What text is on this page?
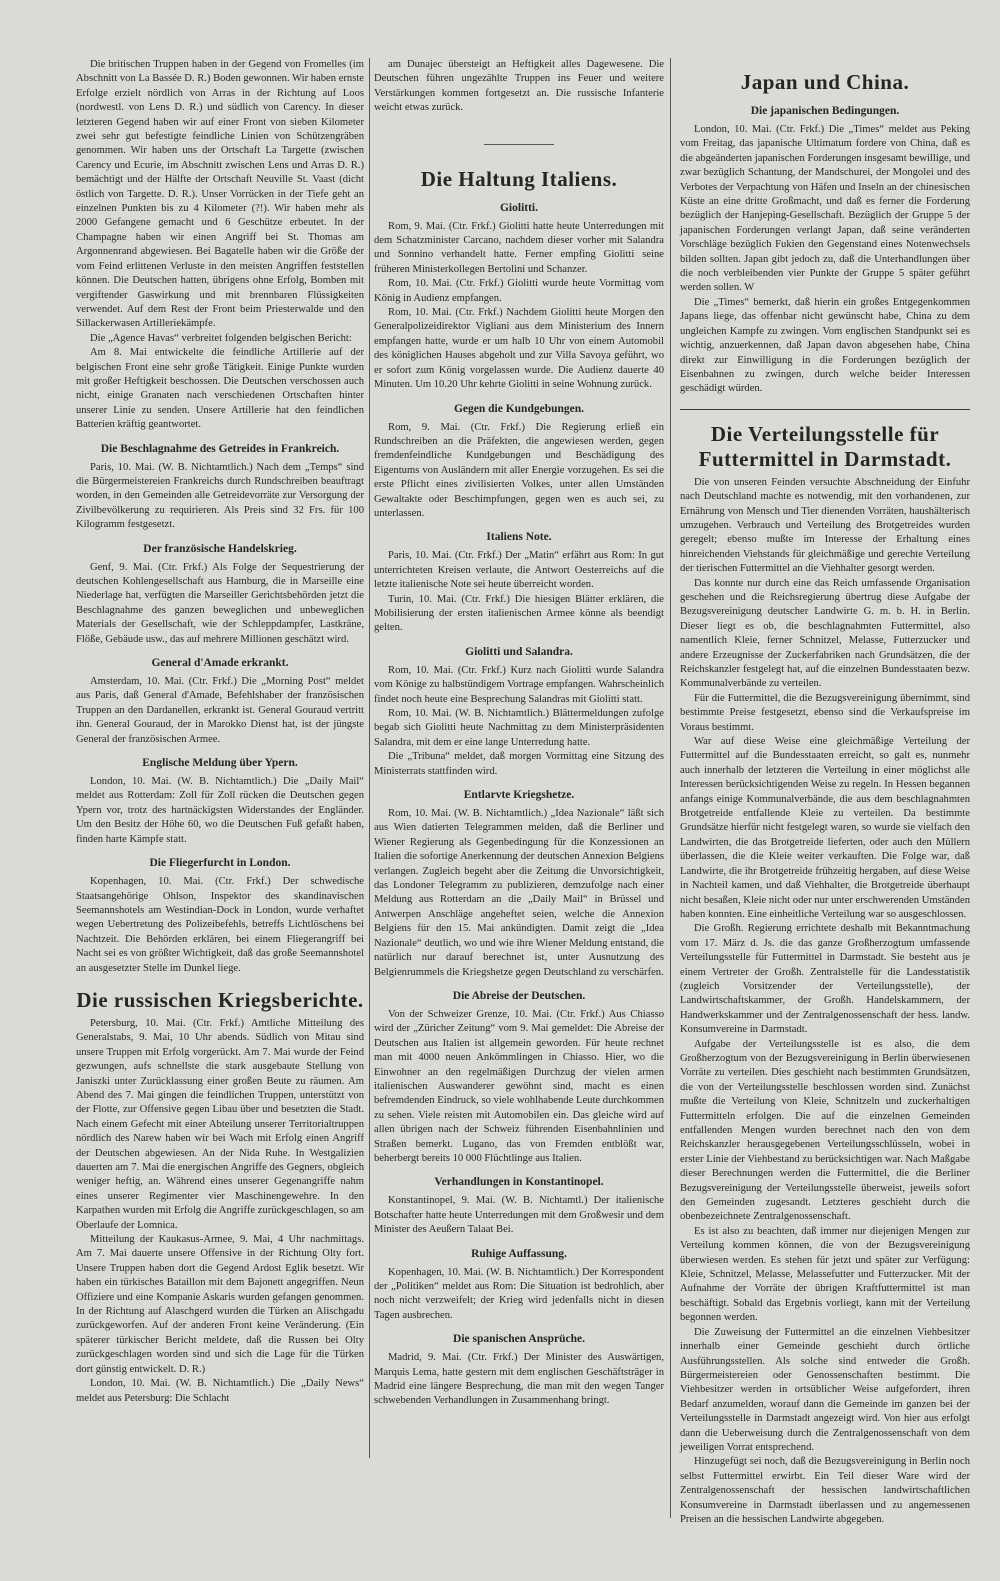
Die britischen Truppen haben in der Gegend von Fromelles (im Abschnitt von La Bassée D. R.) Boden gewonnen. Wir haben ernste Erfolge erzielt nördlich von Arras in der Richtung auf Loos (nordwestl. von Lens D. R.) und südlich von Carency. In dieser letzteren Gegend haben wir auf einer Front von sieben Kilometer zwei sehr gut befestigte feindliche Linien von Schützengräben genommen. Wir haben uns der Ortschaft La Targette (zwischen Carency und Ecurie, im Abschnitt zwischen Lens und Arras D. R.) bemächtigt und der Hälfte der Ortschaft Neuville St. Vaast (dicht östlich von Targette. D. R.). Unser Vorrücken in der Tiefe geht an einzelnen Punkten bis zu 4 Kilometer (?!). Wir haben mehr als 2000 Gefangene gemacht und 6 Geschütze erbeutet. In der Champagne haben wir einen Angriff bei St. Thomas am Argonnenrand abgewiesen. Bei Bagatelle haben wir die Größe der vom Feind erlittenen Verluste in den meisten Angriffen feststellen können. Die Deutschen hatten, übrigens ohne Erfolg, Bomben mit vergiftender Gaswirkung und mit brennbaren Flüssigkeiten verwendet. Auf dem Rest der Front beim Priesterwalde und den Sillackerwasen Artilleriekämpfe.

Die „Agence Havas“ verbreitet folgenden belgischen Bericht:

Am 8. Mai entwickelte die feindliche Artillerie auf der belgischen Front eine sehr große Tätigkeit. Einige Punkte wurden mit großer Heftigkeit beschossen. Die Deutschen verschossen auch nicht, einige Granaten nach verschiedenen Ortschaften hinter unserer Linie zu senden. Unsere Artillerie hat den feindlichen Batterien kräftig geantwortet.

Die Beschlagnahme des Getreides in Frankreich.

Paris, 10. Mai. (W. B. Nichtamtlich.) Nach dem „Temps“ sind die Bürgermeistereien Frankreichs durch Rundschreiben beauftragt worden, in den Gemeinden alle Getreidevorräte zur Versorgung der Zivilbevölkerung zu requirieren. Als Preis sind 32 Frs. für 100 Kilogramm festgesetzt.

Der französische Handelskrieg.

Genf, 9. Mai. (Ctr. Frkf.) Als Folge der Sequestrierung der deutschen Kohlengesellschaft aus Hamburg, die in Marseille eine Niederlage hat, verfügten die Marseiller Gerichtsbehörden jetzt die Beschlagnahme des ganzen beweglichen und unbeweglichen Materials der Gesellschaft, wie der Schleppdampfer, Lastkräne, Flöße, Gebäude usw., das auf mehrere Millionen geschätzt wird.

General d'Amade erkrankt.

Amsterdam, 10. Mai. (Ctr. Frkf.) Die „Morning Post“ meldet aus Paris, daß General d'Amade, Befehlshaber der französischen Truppen an den Dardanellen, erkrankt ist. General Gouraud vertritt ihn. General Gouraud, der in Marokko Dienst hat, ist der jüngste General der französischen Armee.

Englische Meldung über Ypern.

London, 10. Mai. (W. B. Nichtamtlich.) Die „Daily Mail“ meldet aus Rotterdam: Zoll für Zoll rücken die Deutschen gegen Ypern vor, trotz des hartnäckigsten Widerstandes der Engländer. Um den Besitz der Höhe 60, wo die Deutschen Fuß gefaßt haben, finden harte Kämpfe statt.

Die Fliegerfurcht in London.

Kopenhagen, 10. Mai. (Ctr. Frkf.) Der schwedische Staatsangehörige Ohlson, Inspektor des skandinavischen Seemannshotels am Westindian-Dock in London, wurde verhaftet wegen Uebertretung des Polizeibefehls, betreffs Lichtlöschens bei Nachtzeit. Die Behörden erklären, bei einem Fliegerangriff bei Nacht sei es von größter Wichtigkeit, daß das große Seemannshotel an ausgesetzter Stelle im Dunkel liege.

Die russischen Kriegsberichte.

Petersburg, 10. Mai. (Ctr. Frkf.) Amtliche Mitteilung des Generalstabs, 9. Mai, 10 Uhr abends. Südlich von Mitau sind unsere Truppen mit Erfolg vorgerückt. Am 7. Mai wurde der Feind gezwungen, aufs schnellste die stark ausgebaute Stellung von Janiszki unter Zurücklassung einer großen Beute zu räumen. Am Abend des 7. Mai gingen die feindlichen Truppen, unterstützt von der Flotte, zur Offensive gegen Libau über und besetzten die Stadt. Nach einem Gefecht mit einer Abteilung unserer Territorialtruppen nördlich des Narew haben wir bei Wach mit Erfolg einen Angriff der Deutschen abgewiesen. An der Nida Ruhe. In Westgalizien dauerten am 7. Mai die energischen Angriffe des Gegners, obgleich weniger heftig, an. Während eines unserer Gegenangriffe nahm eines unserer Regimenter vier Maschinengewehre. In den Karpathen wurden mit Erfolg die Angriffe zurückgeschlagen, so am Oberlaufe der Lomnica.

Mitteilung der Kaukasus-Armee, 9. Mai, 4 Uhr nachmittags. Am 7. Mai dauerte unsere Offensive in der Richtung Olty fort. Unsere Truppen haben dort die Gegend Ardost Eglik besetzt. Wir haben ein türkisches Bataillon mit dem Bajonett angegriffen. Neun Offiziere und eine Kompanie Askaris wurden gefangen genommen. In der Richtung auf Alaschgerd wurden die Türken an Alischgadu zurückgeworfen. Auf der anderen Front keine Veränderung. (Ein späterer türkischer Bericht meldete, daß die Russen bei Olty zurückgeschlagen worden sind und sich die Lage für die Türken dort günstig entwickelt. D. R.)

London, 10. Mai. (W. B. Nichtamtlich.) Die „Daily News“ meldet aus Petersburg: Die Schlacht

am Dunajec übersteigt an Heftigkeit alles Dagewesene. Die Deutschen führen ungezählte Truppen ins Feuer und weitere Verstärkungen kommen fortgesetzt an. Die russische Infanterie weicht etwas zurück.

Die Haltung Italiens.
Giolitti.

Rom, 9. Mai. (Ctr. Frkf.) Giolitti hatte heute Unterredungen mit dem Schatzminister Carcano, nachdem dieser vorher mit Salandra und Sonnino verhandelt hatte. Ferner empfing Giolitti seine früheren Ministerkollegen Bertolini und Schanzer.

Rom, 10. Mai. (Ctr. Frkf.) Giolitti wurde heute Vormittag vom König in Audienz empfangen.

Rom, 10. Mai. (Ctr. Frkf.) Nachdem Giolitti heute Morgen den Generalpolizeidirektor Vigliani aus dem Ministerium des Innern empfangen hatte, wurde er um halb 10 Uhr von einem Automobil des königlichen Hauses abgeholt und zur Villa Savoya geführt, wo er sofort zum König vorgelassen wurde. Die Audienz dauerte 40 Minuten. Um 10.20 Uhr kehrte Giolitti in seine Wohnung zurück.

Gegen die Kundgebungen.

Rom, 9. Mai. (Ctr. Frkf.) Die Regierung erließ ein Rundschreiben an die Präfekten, die angewiesen werden, gegen fremdenfeindliche Kundgebungen und Beschädigung des Eigentums von Ausländern mit aller Energie vorzugehen. Es sei die erste Pflicht eines zivilisierten Volkes, unter allen Umständen Gewaltakte oder Beschimpfungen, gegen wen es auch sei, zu unterlassen.

Italiens Note.

Paris, 10. Mai. (Ctr. Frkf.) Der „Matin“ erfährt aus Rom: In gut unterrichteten Kreisen verlaute, die Antwort Oesterreichs auf die letzte italienische Note sei heute überreicht worden.

Turin, 10. Mai. (Ctr. Frkf.) Die hiesigen Blätter erklären, die Mobilisierung der ersten italienischen Armee könne als beendigt gelten.

Giolitti und Salandra.

Rom, 10. Mai. (Ctr. Frkf.) Kurz nach Giolitti wurde Salandra vom Könige zu halbstündigem Vortrage empfangen. Wahrscheinlich findet noch heute eine Besprechung Salandras mit Giolitti statt.

Rom, 10. Mai. (W. B. Nichtamtlich.) Blättermeldungen zufolge begab sich Giolitti heute Nachmittag zu dem Ministerpräsidenten Salandra, mit dem er eine lange Unterredung hatte.

Die „Tribuna“ meldet, daß morgen Vormittag eine Sitzung des Ministerrats stattfinden wird.

Entlarvte Kriegshetze.

Rom, 10. Mai. (W. B. Nichtamtlich.) „Idea Nazionale“ läßt sich aus Wien datierten Telegrammen melden, daß die Berliner und Wiener Regierung als Gegenbedingung für die Konzessionen an Italien die sofortige Anerkennung der deutschen Annexion Belgiens verlangen. Zugleich begeht aber die Zeitung die Unvorsichtigkeit, das Londoner Telegramm zu publizieren, demzufolge nach einer Meldung aus Rotterdam an die „Daily Mail“ in Brüssel und Antwerpen Anschläge angeheftet seien, welche die Annexion Belgiens für den 15. Mai ankündigten. Damit zeigt die „Idea Nazionale“ deutlich, wo und wie ihre Wiener Meldung entstand, die natürlich nur darauf berechnet ist, unter Ausnutzung des Belgienrummels die Kriegshetze gegen Deutschland zu verschärfen.

Die Abreise der Deutschen.

Von der Schweizer Grenze, 10. Mai. (Ctr. Frkf.) Aus Chiasso wird der „Züricher Zeitung“ vom 9. Mai gemeldet: Die Abreise der Deutschen aus Italien ist allgemein geworden. Für heute rechnet man mit 4000 neuen Ankömmlingen in Chiasso. Hier, wo die Einwohner an den regelmäßigen Durchzug der vielen armen italienischen Auswanderer gewöhnt sind, macht es einen befremdenden Eindruck, so viele wohlhabende Leute durchkommen zu sehen. Viele reisten mit Automobilen ein. Das gleiche wird auf allen übrigen nach der Schweiz führenden Eisenbahnlinien und Straßen bemerkt. Lugano, das von Fremden entblößt war, beherbergt bereits 10 000 Flüchtlinge aus Italien.

Verhandlungen in Konstantinopel.

Konstantinopel, 9. Mai. (W. B. Nichtamtl.) Der italienische Botschafter hatte heute Unterredungen mit dem Großwesir und dem Minister des Aeußern Talaat Bei.

Ruhige Auffassung.

Kopenhagen, 10. Mai. (W. B. Nichtamtlich.) Der Korrespondent der „Politiken“ meldet aus Rom: Die Situation ist bedrohlich, aber noch nicht verzweifelt; der Krieg wird jedenfalls nicht in diesen Tagen ausbrechen.

Die spanischen Ansprüche.

Madrid, 9. Mai. (Ctr. Frkf.) Der Minister des Auswärtigen, Marquis Lema, hatte gestern mit dem englischen Geschäftsträger in Madrid eine längere Besprechung, die man mit den wegen Tanger schwebenden Verhandlungen in Zusammenhang bringt.

Japan und China.
Die japanischen Bedingungen.

London, 10. Mai. (Ctr. Frkf.) Die „Times“ meldet aus Peking vom Freitag, das japanische Ultimatum fordere von China, daß es die abgeänderten japanischen Forderungen insgesamt bewillige, und zwar bezüglich Schantung, der Mandschurei, der Mongolei und des Verbotes der Verpachtung von Häfen und Inseln an der chinesischen Küste an eine dritte Großmacht, und daß es ferner die Forderung bezüglich der Hanjeping-Gesellschaft. Bezüglich der Gruppe 5 der japanischen Forderungen verlangt Japan, daß seine veränderten Vorschläge bezüglich Fukien den Gegenstand eines Notenwechsels bilden sollten. Japan gibt jedoch zu, daß die Unterhandlungen über die noch verbleibenden vier Punkte der Gruppe 5 später geführt werden sollen. W

Die „Times“ bemerkt, daß hierin ein großes Entgegenkommen Japans liege, das offenbar nicht gewünscht habe, China zu dem ungleichen Kampfe zu zwingen. Vom englischen Standpunkt sei es wichtig, anzuerkennen, daß Japan davon abgesehen habe, China direkt zur Einwilligung in die Forderungen bezüglich der Eisenbahnen zu zwingen, durch welche beider Interessen geschädigt würden.

Die Verteilungsstelle für Futtermittel in Darmstadt.

Die von unseren Feinden versuchte Abschneidung der Einfuhr nach Deutschland machte es notwendig, mit den vorhandenen, zur Ernährung von Mensch und Tier dienenden Vorräten, haushälterisch umzugehen. Verbrauch und Verteilung des Brotgetreides wurden geregelt; ebenso mußte im Interesse der Erhaltung eines hinreichenden Viehstands für gleichmäßige und gerechte Verteilung der tierischen Futtermittel an die Viehhalter gesorgt werden.

Das konnte nur durch eine das Reich umfassende Organisation geschehen und die Reichsregierung übertrug diese Aufgabe der Bezugsvereinigung deutscher Landwirte G. m. b. H. in Berlin. Dieser liegt es ob, die beschlagnahmten Futtermittel, also namentlich Kleie, ferner Schnitzel, Melasse, Futterzucker und andere Erzeugnisse der Zuckerfabriken nach Grundsätzen, die der Reichskanzler festgelegt hat, auf die einzelnen Bundesstaaten bezw. Kommunalverbände zu verteilen.

Für die Futtermittel, die die Bezugsvereinigung übernimmt, sind bestimmte Preise festgesetzt, ebenso sind die Verkaufspreise im Voraus bestimmt.

War auf diese Weise eine gleichmäßige Verteilung der Futtermittel auf die Bundesstaaten erreicht, so galt es, nunmehr auch innerhalb der letzteren die Verteilung in einer möglichst alle Interessen berücksichtigenden Weise zu regeln. In Hessen begannen anfangs einige Kommunalverbände, die aus dem beschlagnahmten Brotgetreide entfallende Kleie zu verteilen. Da bestimmte Grundsätze hierfür nicht festgelegt waren, so wurde sie vielfach den Landwirten, die das Brotgetreide lieferten, oder auch den Müllern überlassen, die die Kleie weiter verkauften. Die Folge war, daß Landwirte, die ihr Brotgetreide frühzeitig hergaben, auf diese Weise in Nachteil kamen, und daß Viehhalter, die Brotgetreide überhaupt nicht besaßen, Kleie nicht oder nur unter erschwerenden Umständen haben konnten. Eine einheitliche Verteilung war so ausgeschlossen.

Die Großh. Regierung errichtete deshalb mit Bekanntmachung vom 17. März d. Js. die das ganze Großherzogtum umfassende Verteilungsstelle für Futtermittel in Darmstadt. Sie besteht aus je einem Vertreter der Großh. Zentralstelle für die Landesstatistik (zugleich Vorsitzender der Verteilungsstelle), der Landwirtschaftskammer, der Großh. Handelskammern, der Handwerkskammer und der Zentralgenossenschaft der hess. landw. Konsumvereine in Darmstadt.

Aufgabe der Verteilungsstelle ist es also, die dem Großherzogtum von der Bezugsvereinigung in Berlin überwiesenen Vorräte zu verteilen. Dies geschieht nach bestimmten Grundsätzen, die von der Verteilungsstelle beschlossen worden sind. Zunächst mußte die Verteilung von Kleie, Schnitzeln und zuckerhaltigen Futtermitteln erfolgen. Die auf die einzelnen Gemeinden entfallenden Mengen wurden berechnet nach den von dem Reichskanzler herausgegebenen Verteilungsschlüsseln, wobei in erster Linie der Viehbestand zu berücksichtigen war. Nach Maßgabe dieser Berechnungen werden die Futtermittel, die die Berliner Bezugsvereinigung der Verteilungsstelle überweist, jeweils sofort den Gemeinden zugesandt. Letzteres geschieht durch die obenbezeichnete Zentralgenossenschaft.

Es ist also zu beachten, daß immer nur diejenigen Mengen zur Verteilung kommen können, die von der Bezugsvereinigung überwiesen werden. Es stehen für jetzt und später zur Verfügung: Kleie, Schnitzel, Melasse, Melassefutter und Futterzucker. Mit der Aufnahme der Vorräte der übrigen Kraftfuttermittel ist man beschäftigt. Sobald das Ergebnis vorliegt, kann mit der Verteilung begonnen werden.

Die Zuweisung der Futtermittel an die einzelnen Viehbesitzer innerhalb einer Gemeinde geschieht durch örtliche Ausführungsstellen. Als solche sind entweder die Großh. Bürgermeistereien oder Genossenschaften bestimmt. Die Viehbesitzer werden in ortsüblicher Weise aufgefordert, ihren Bedarf anzumelden, worauf dann die Gemeinde im ganzen bei der Verteilungsstelle in Darmstadt angezeigt wird. Von hier aus erfolgt dann die Ueberweisung durch die Zentralgenossenschaft von dem jeweiligen Vorrat entsprechend.

Hinzugefügt sei noch, daß die Bezugsvereinigung in Berlin noch selbst Futtermittel erwirbt. Ein Teil dieser Ware wird der Zentralgenossenschaft der hessischen landwirtschaftlichen Konsumvereine in Darmstadt überlassen und zu angemessenen Preisen an die hessischen Landwirte abgegeben.
